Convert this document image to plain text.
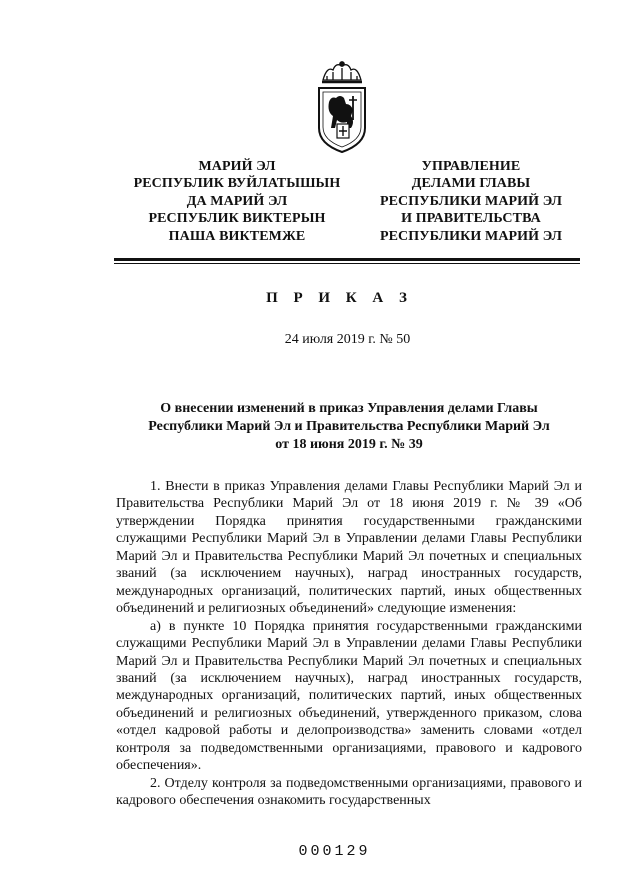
МАРИЙ ЭЛ
РЕСПУБЛИК ВУЙЛАТЫШЫН
ДА МАРИЙ ЭЛ
РЕСПУБЛИК ВИКТЕРЫН
ПАША ВИКТЕМЖЕ
УПРАВЛЕНИЕ
ДЕЛАМИ ГЛАВЫ
РЕСПУБЛИКИ МАРИЙ ЭЛ
И ПРАВИТЕЛЬСТВА
РЕСПУБЛИКИ МАРИЙ ЭЛ
П Р И К А З
24 июля 2019 г. № 50
О внесении изменений в приказ Управления делами Главы
Республики Марий Эл и Правительства Республики Марий Эл
от 18 июня 2019 г. № 39

1. Внести в приказ Управления делами Главы Республики Марий Эл и Правительства Республики Марий Эл от 18 июня 2019 г. № 39 «Об утверждении Порядка принятия государственными гражданскими служащими Республики Марий Эл в Управлении делами Главы Республики Марий Эл и Правительства Республики Марий Эл почетных и специальных званий (за исключением научных), наград иностранных государств, международных организаций, политических партий, иных общественных объединений и религиозных объединений» следующие изменения:

а) в пункте 10 Порядка принятия государственными гражданскими служащими Республики Марий Эл в Управлении делами Главы Республики Марий Эл и Правительства Республики Марий Эл почетных и специальных званий (за исключением научных), наград иностранных государств, международных организаций, политических партий, иных общественных объединений и религиозных объединений, утвержденного приказом, слова «отдел кадровой работы и делопроизводства» заменить словами «отдел контроля за подведомственными организациями, правового и кадрового обеспечения».

2. Отделу контроля за подведомственными организациями, правового и кадрового обеспечения ознакомить государственных

000129
